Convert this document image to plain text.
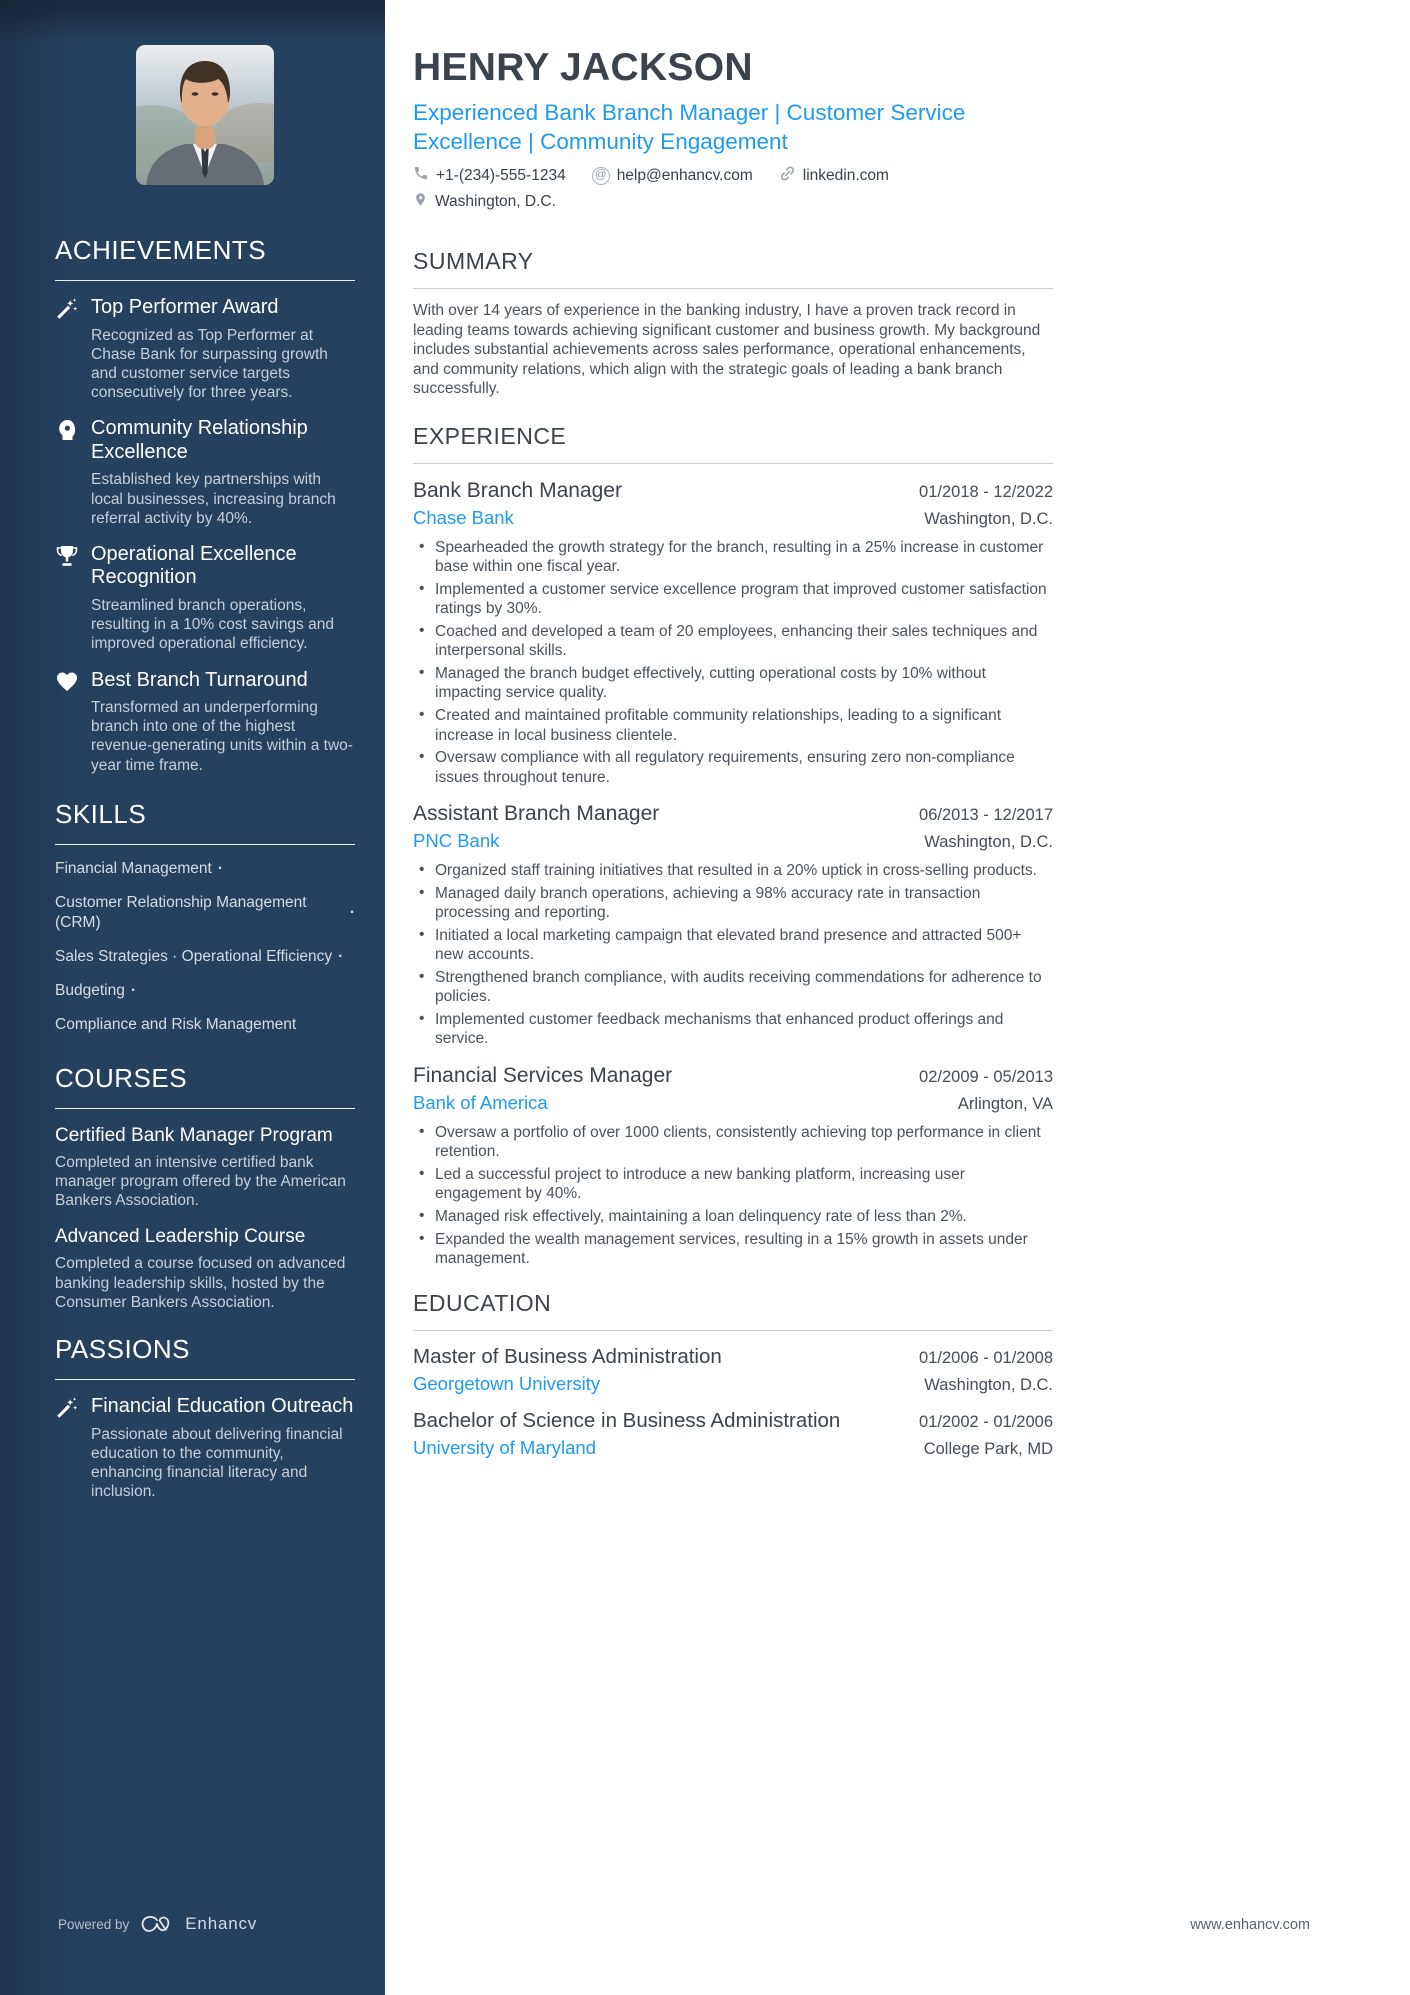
ACHIEVEMENTS
Top Performer Award

Recognized as Top Performer at Chase Bank for surpassing growth and customer service targets consecutively for three years.

Community Relationship Excellence

Established key partnerships with local businesses, increasing branch referral activity by 40%.

Operational Excellence Recognition

Streamlined branch operations, resulting in a 10% cost savings and improved operational efficiency.

Best Branch Turnaround

Transformed an underperforming branch into one of the highest revenue-generating units within a two-year time frame.

SKILLS
Financial Management ·
Customer Relationship Management (CRM)
·
Sales Strategies · Operational Efficiency ·
Budgeting ·
Compliance and Risk Management
COURSES
Certified Bank Manager Program

Completed an intensive certified bank manager program offered by the American Bankers Association.

Advanced Leadership Course

Completed a course focused on advanced banking leadership skills, hosted by the Consumer Bankers Association.

PASSIONS
Financial Education Outreach

Passionate about delivering financial education to the community, enhancing financial literacy and inclusion.

Powered by	Enhancv
HENRY JACKSON
Experienced Bank Branch Manager | Customer Service Excellence | Community Engagement
+1-(234)-555-1234	@ help@enhancv.com	linkedin.com
Washington, D.C.
SUMMARY

With over 14 years of experience in the banking industry, I have a proven track record in leading teams towards achieving significant customer and business growth. My background includes substantial achievements across sales performance, operational enhancements, and community relations, which align with the strategic goals of leading a bank branch successfully.

EXPERIENCE
Bank Branch Manager	01/2018 - 12/2022
Chase Bank	Washington, D.C.
• Spearheaded the growth strategy for the branch, resulting in a 25% increase in customer base within one fiscal year.
• Implemented a customer service excellence program that improved customer satisfaction ratings by 30%.
• Coached and developed a team of 20 employees, enhancing their sales techniques and interpersonal skills.
• Managed the branch budget effectively, cutting operational costs by 10% without impacting service quality.
• Created and maintained profitable community relationships, leading to a significant increase in local business clientele.
• Oversaw compliance with all regulatory requirements, ensuring zero non-compliance issues throughout tenure.
Assistant Branch Manager	06/2013 - 12/2017
PNC Bank	Washington, D.C.
• Organized staff training initiatives that resulted in a 20% uptick in cross-selling products.
• Managed daily branch operations, achieving a 98% accuracy rate in transaction processing and reporting.
• Initiated a local marketing campaign that elevated brand presence and attracted 500+ new accounts.
• Strengthened branch compliance, with audits receiving commendations for adherence to policies.
• Implemented customer feedback mechanisms that enhanced product offerings and service.
Financial Services Manager	02/2009 - 05/2013
Bank of America	Arlington, VA
• Oversaw a portfolio of over 1000 clients, consistently achieving top performance in client retention.
• Led a successful project to introduce a new banking platform, increasing user engagement by 40%.
• Managed risk effectively, maintaining a loan delinquency rate of less than 2%.
• Expanded the wealth management services, resulting in a 15% growth in assets under management.
EDUCATION
Master of Business Administration	01/2006 - 01/2008
Georgetown University	Washington, D.C.
Bachelor of Science in Business Administration	01/2002 - 01/2006
University of Maryland	College Park, MD
www.enhancv.com
